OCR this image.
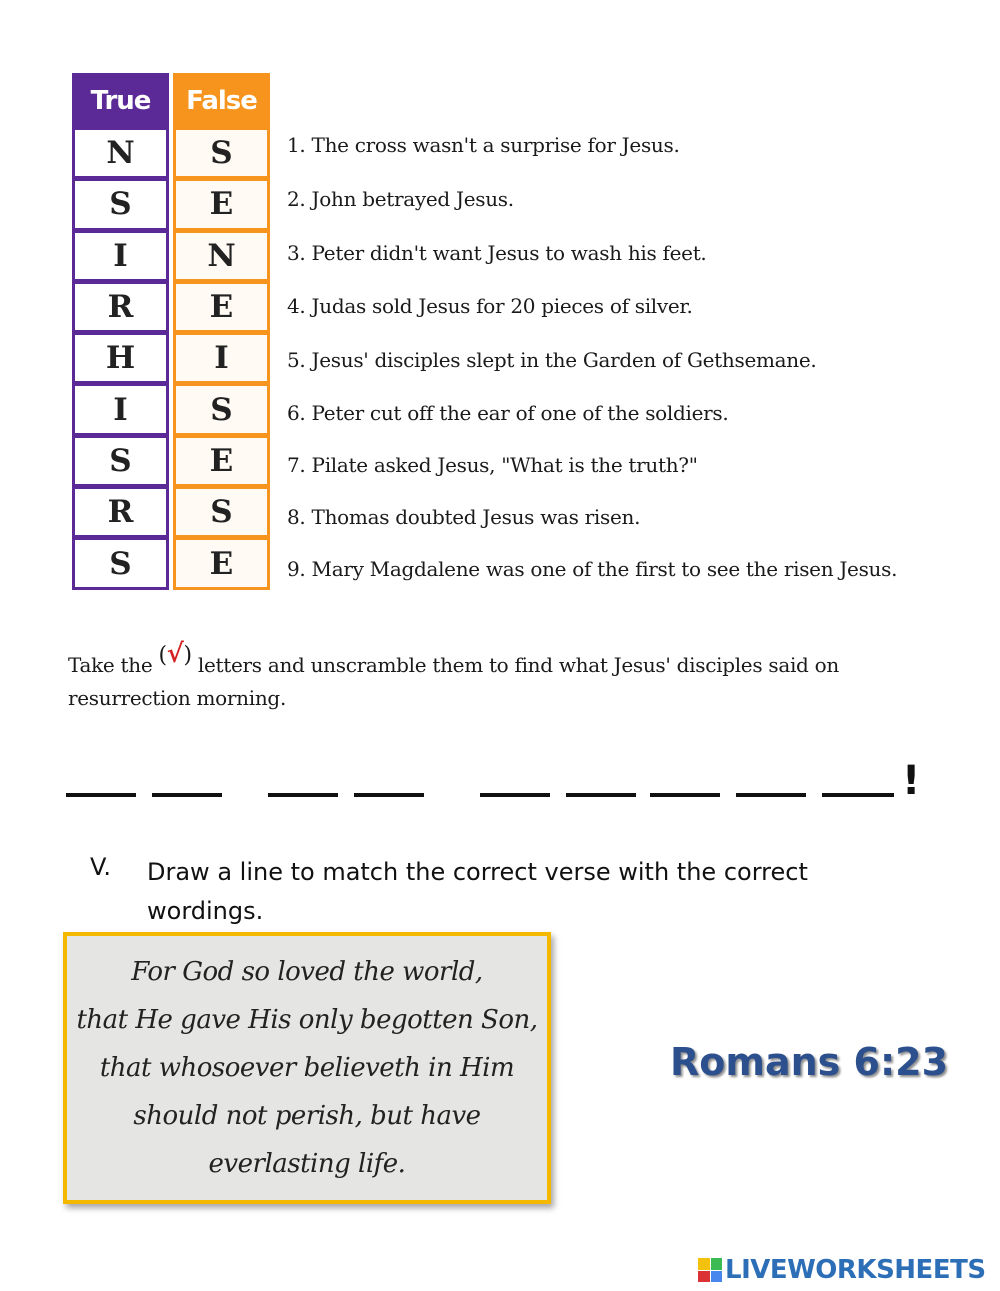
True	False
N	S
S	E
I	N
R	E
H	I
I	S
S	E
R	S
S	E
1. The cross wasn't a surprise for Jesus.
2. John betrayed Jesus.
3. Peter didn't want Jesus to wash his feet.
4. Judas sold Jesus for 20 pieces of silver.
5. Jesus' disciples slept in the Garden of Gethsemane.
6. Peter cut off the ear of one of the soldiers.
7. Pilate asked Jesus, "What is the truth?"
8. Thomas doubted Jesus was risen.
9. Mary Magdalene was one of the first to see the risen Jesus.
Take the (√) letters and unscramble them to find what Jesus' disciples said on resurrection morning.
!
V. Draw a line to match the correct verse with the correct wordings.
For God so loved the world,
that He gave His only begotten Son,
that whosoever believeth in Him
should not perish, but have
everlasting life.
Romans 6:23
LIVEWORKSHEETS
